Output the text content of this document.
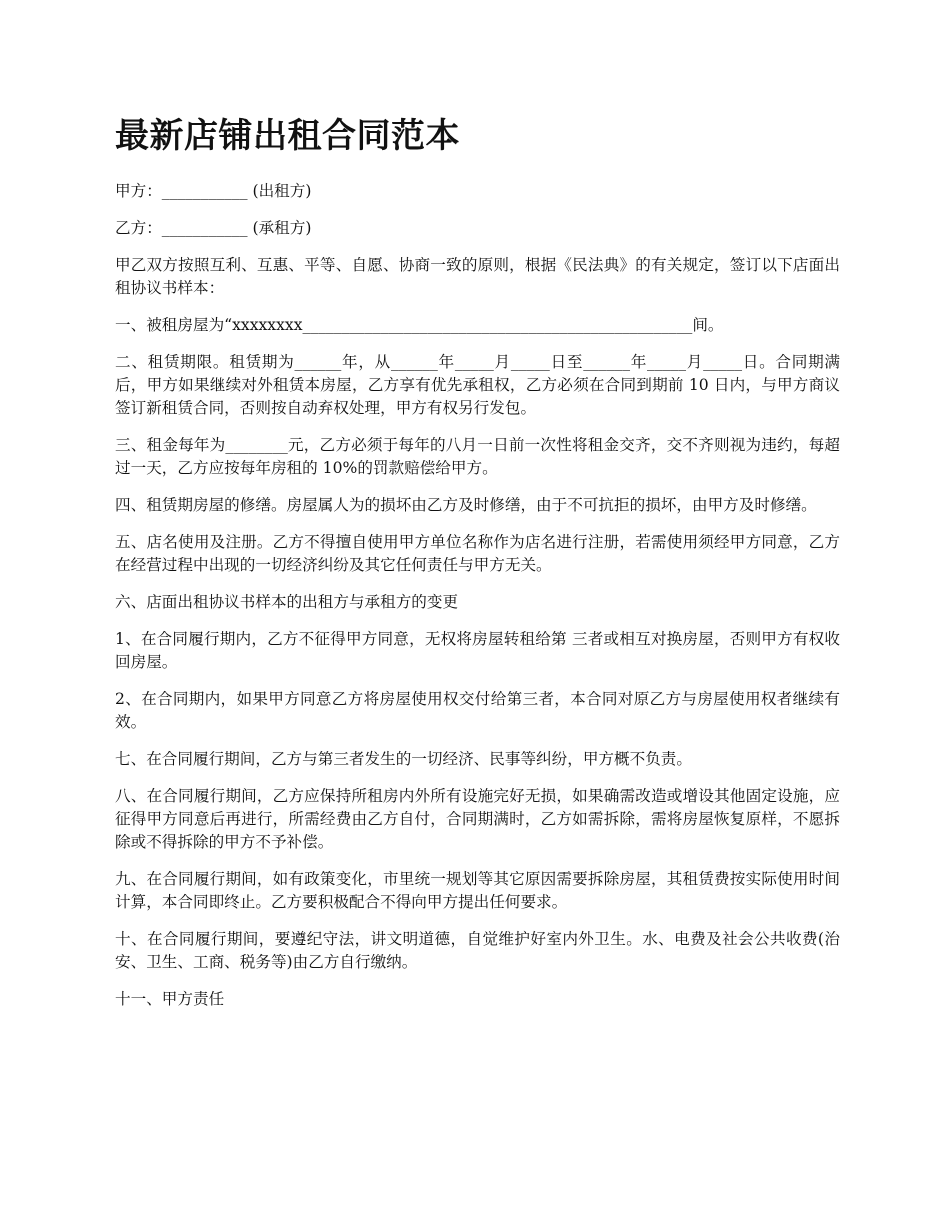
最新店铺出租合同范本

甲方：___________ (出租方)

乙方：___________ (承租方)

甲乙双方按照互利、互惠、平等、自愿、协商一致的原则，根据《民法典》的有关规定，签订以下店面出租协议书样本：

一、被租房屋为“xxxxxxxx__________________________________________________间。

二、租赁期限。租赁期为______年，从______年_____月_____日至______年_____月_____日。合同期满后，甲方如果继续对外租赁本房屋，乙方享有优先承租权，乙方必须在合同到期前 10 日内，与甲方商议签订新租赁合同，否则按自动弃权处理，甲方有权另行发包。

三、租金每年为________元，乙方必须于每年的八月一日前一次性将租金交齐，交不齐则视为违约，每超过一天，乙方应按每年房租的 10%的罚款赔偿给甲方。

四、租赁期房屋的修缮。房屋属人为的损坏由乙方及时修缮，由于不可抗拒的损坏，由甲方及时修缮。

五、店名使用及注册。乙方不得擅自使用甲方单位名称作为店名进行注册，若需使用须经甲方同意，乙方在经营过程中出现的一切经济纠纷及其它任何责任与甲方无关。

六、店面出租协议书样本的出租方与承租方的变更

1、在合同履行期内，乙方不征得甲方同意，无权将房屋转租给第 三者或相互对换房屋，否则甲方有权收回房屋。

2、在合同期内，如果甲方同意乙方将房屋使用权交付给第三者，本合同对原乙方与房屋使用权者继续有效。

七、在合同履行期间，乙方与第三者发生的一切经济、民事等纠纷，甲方概不负责。

八、在合同履行期间，乙方应保持所租房内外所有设施完好无损，如果确需改造或增设其他固定设施，应征得甲方同意后再进行，所需经费由乙方自付，合同期满时，乙方如需拆除，需将房屋恢复原样，不愿拆除或不得拆除的甲方不予补偿。

九、在合同履行期间，如有政策变化，市里统一规划等其它原因需要拆除房屋，其租赁费按实际使用时间计算，本合同即终止。乙方要积极配合不得向甲方提出任何要求。

十、在合同履行期间，要遵纪守法，讲文明道德，自觉维护好室内外卫生。水、电费及社会公共收费(治安、卫生、工商、税务等)由乙方自行缴纳。

十一、甲方责任
